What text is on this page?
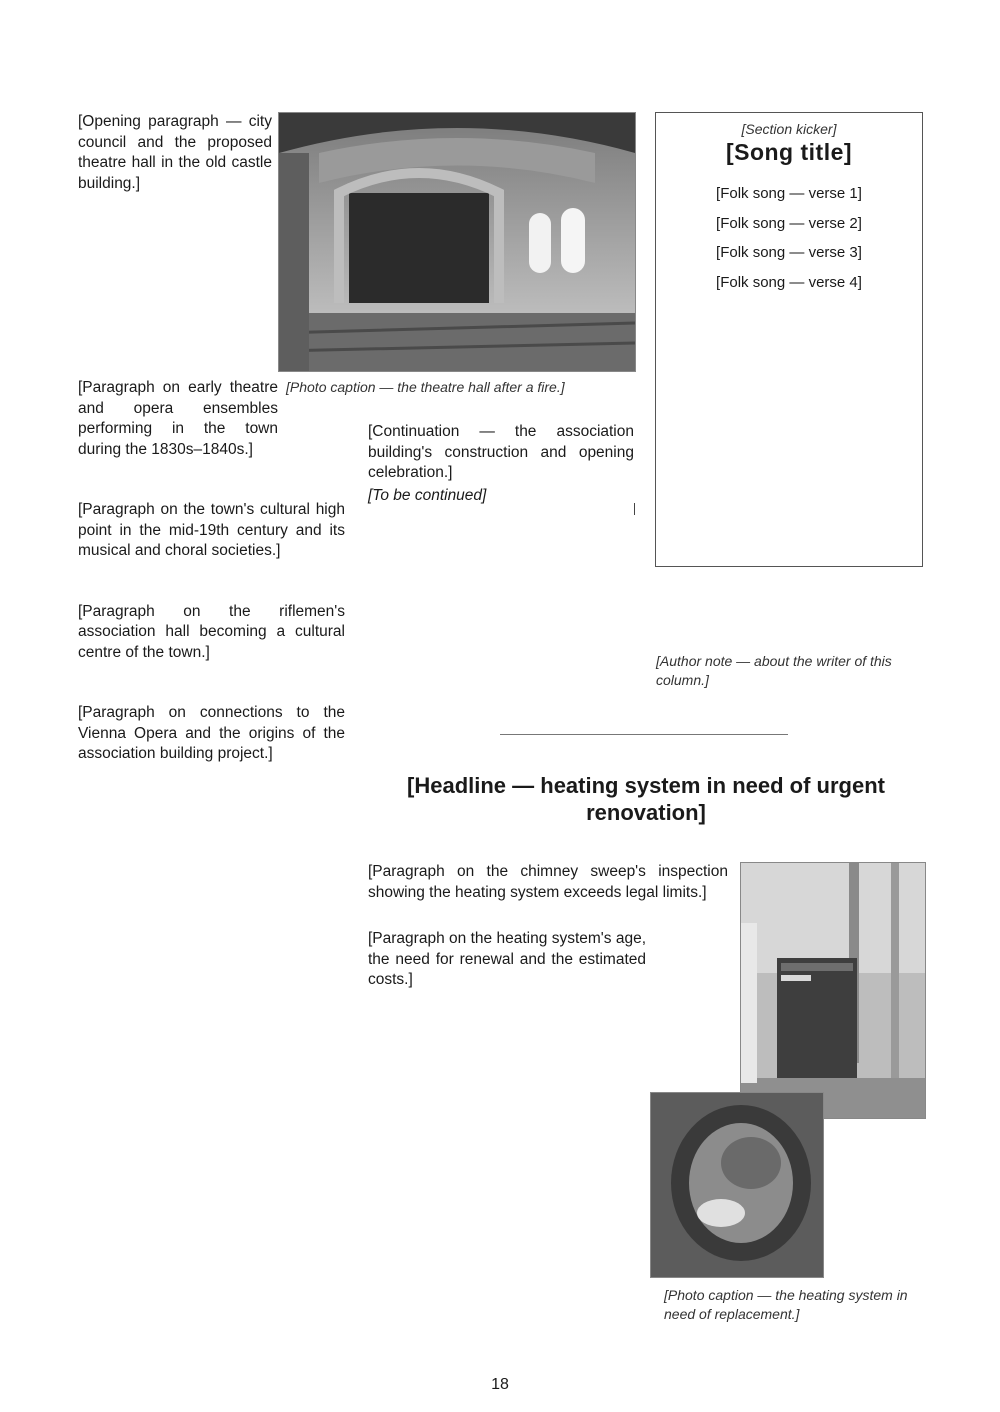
[Opening paragraph — city council and the proposed theatre hall in the old castle building.]

[Paragraph on early theatre and opera ensembles performing in the town during the 1830s–1840s.]

[Paragraph on the town's cultural high point in the mid-19th century and its musical and choral societies.]

[Paragraph on the riflemen's association hall becoming a cultural centre of the town.]

[Paragraph on connections to the Vienna Opera and the origins of the association building project.]

[Photo caption — the theatre hall after a fire.]

[Continuation — the association building's construction and opening celebration.]

[To be continued]

[Section kicker]
[Song title]
[Folk song — verse 1]
[Folk song — verse 2]
[Folk song — verse 3]
[Folk song — verse 4]
[Author note — about the writer of this column.]
[Headline — heating system in need of urgent renovation]

[Paragraph on the chimney sweep's inspection showing the heating system exceeds legal limits.]

[Paragraph on the heating system's age, the need for renewal and the estimated costs.]

[Photo caption — the heating system in need of replacement.]
18
